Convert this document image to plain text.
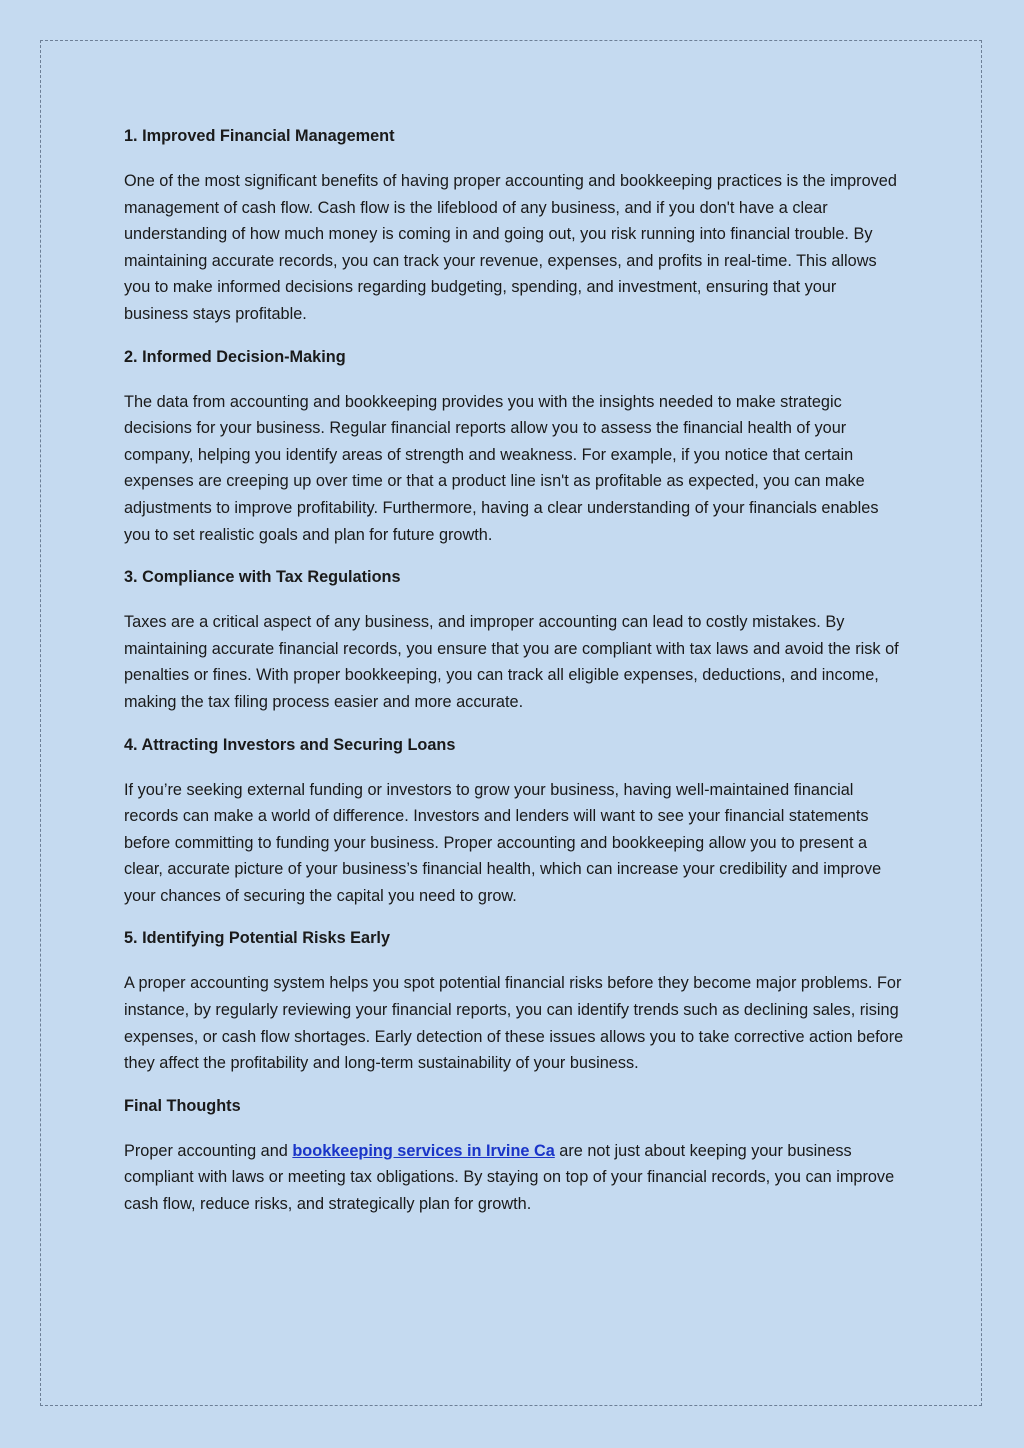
1. Improved Financial Management

One of the most significant benefits of having proper accounting and bookkeeping practices is the improved management of cash flow. Cash flow is the lifeblood of any business, and if you don't have a clear understanding of how much money is coming in and going out, you risk running into financial trouble. By maintaining accurate records, you can track your revenue, expenses, and profits in real-time. This allows you to make informed decisions regarding budgeting, spending, and investment, ensuring that your business stays profitable.

2. Informed Decision-Making

The data from accounting and bookkeeping provides you with the insights needed to make strategic decisions for your business. Regular financial reports allow you to assess the financial health of your company, helping you identify areas of strength and weakness. For example, if you notice that certain expenses are creeping up over time or that a product line isn't as profitable as expected, you can make adjustments to improve profitability. Furthermore, having a clear understanding of your financials enables you to set realistic goals and plan for future growth.

3. Compliance with Tax Regulations

Taxes are a critical aspect of any business, and improper accounting can lead to costly mistakes. By maintaining accurate financial records, you ensure that you are compliant with tax laws and avoid the risk of penalties or fines. With proper bookkeeping, you can track all eligible expenses, deductions, and income, making the tax filing process easier and more accurate.

4. Attracting Investors and Securing Loans

If you’re seeking external funding or investors to grow your business, having well-maintained financial records can make a world of difference. Investors and lenders will want to see your financial statements before committing to funding your business. Proper accounting and bookkeeping allow you to present a clear, accurate picture of your business’s financial health, which can increase your credibility and improve your chances of securing the capital you need to grow.

5. Identifying Potential Risks Early

A proper accounting system helps you spot potential financial risks before they become major problems. For instance, by regularly reviewing your financial reports, you can identify trends such as declining sales, rising expenses, or cash flow shortages. Early detection of these issues allows you to take corrective action before they affect the profitability and long-term sustainability of your business.

Final Thoughts

Proper accounting and bookkeeping services in Irvine Ca are not just about keeping your business compliant with laws or meeting tax obligations. By staying on top of your financial records, you can improve cash flow, reduce risks, and strategically plan for growth.
